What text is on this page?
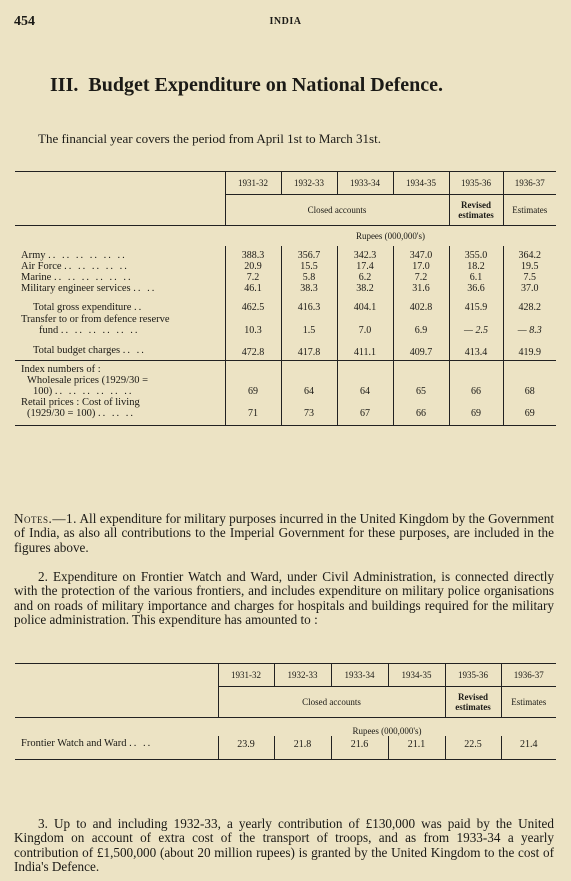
454	INDIA
III. Budget Expenditure on National Defence.
The financial year covers the period from April 1st to March 31st.
	1931-32	1932-33	1933-34	1934-35	1935-36	1936-37
	Closed accounts				Revised
estimates	Estimates
	Rupees (000,000's)					
Army .. .. .. .. .. ..	388.3	356.7	342.3	347.0	355.0	364.2
Air Force .. .. .. .. ..	20.9	15.5	17.4	17.0	18.2	19.5
Marine .. .. .. .. .. ..	7.2	5.8	6.2	7.2	6.1	7.5
Military engineer services .. ..	46.1	38.3	38.2	31.6	36.6	37.0
Total gross expenditure ..	462.5	416.3	404.1	402.8	415.9	428.2

Transfer to or from defence reserve
fund .. .. .. .. .. ..	10.3	1.5	7.0	6.9	— 2.5	— 8.3
Total budget charges .. ..	472.8	417.8	411.1	409.7	413.4	419.9

Index numbers of :
Wholesale prices (1929/30 =
100) .. .. .. .. .. ..	69	64	64	65	66	68

Retail prices : Cost of living
(1929/30 = 100) .. .. ..	71	73	67	66	69	69

Notes.—1. All expenditure for military purposes incurred in the United Kingdom by the Government of India, as also all contributions to the Imperial Government for these purposes, are included in the figures above.

2. Expenditure on Frontier Watch and Ward, under Civil Administration, is connected directly with the protection of the various frontiers, and includes expenditure on military police organisations and on roads of military importance and charges for hospitals and buildings required for the military police administration. This expenditure has amounted to :

	1931-32	1932-33	1933-34	1934-35	1935-36	1936-37
	Closed accounts				Revised
estimates	Estimates
	Rupees (000,000's)					
Frontier Watch and Ward .. ..	23.9	21.8	21.6	21.1	22.5	21.4

3. Up to and including 1932-33, a yearly contribution of £130,000 was paid by the United Kingdom on account of extra cost of the transport of troops, and as from 1933-34 a yearly contribution of £1,500,000 (about 20 million rupees) is granted by the United Kingdom to the cost of India's Defence.
